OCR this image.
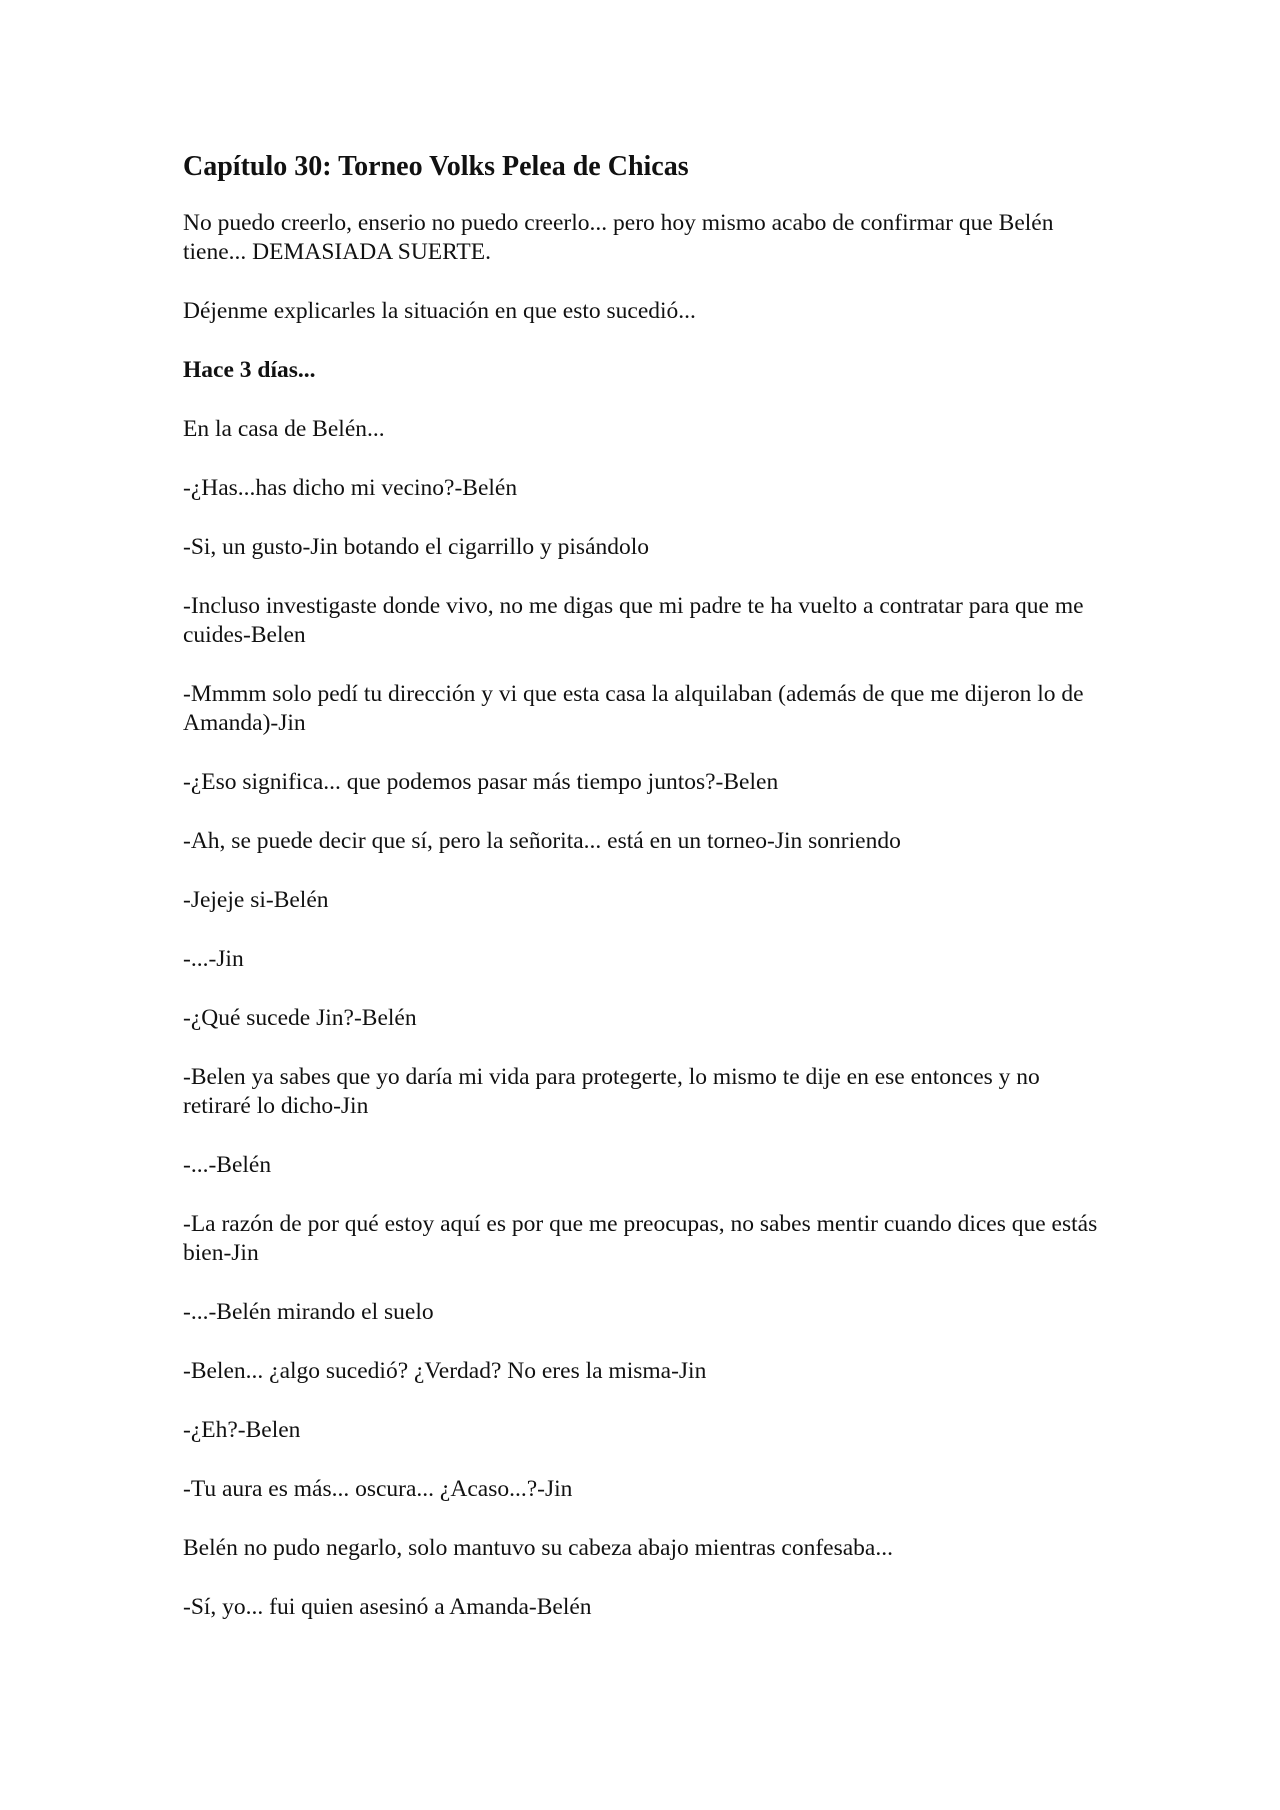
Capítulo 30: Torneo Volks Pelea de Chicas

No puedo creerlo, enserio no puedo creerlo... pero hoy mismo acabo de confirmar que Belén tiene... DEMASIADA SUERTE.

Déjenme explicarles la situación en que esto sucedió...

Hace 3 días...

En la casa de Belén...

-¿Has...has dicho mi vecino?-Belén

-Si, un gusto-Jin botando el cigarrillo y pisándolo

-Incluso investigaste donde vivo, no me digas que mi padre te ha vuelto a contratar para que me cuides-Belen

-Mmmm solo pedí tu dirección y vi que esta casa la alquilaban (además de que me dijeron lo de Amanda)-Jin

-¿Eso significa... que podemos pasar más tiempo juntos?-Belen

-Ah, se puede decir que sí, pero la señorita... está en un torneo-Jin sonriendo

-Jejeje si-Belén

-...-Jin

-¿Qué sucede Jin?-Belén

-Belen ya sabes que yo daría mi vida para protegerte, lo mismo te dije en ese entonces y no retiraré lo dicho-Jin

-...-Belén

-La razón de por qué estoy aquí es por que me preocupas, no sabes mentir cuando dices que estás bien-Jin

-...-Belén mirando el suelo

-Belen... ¿algo sucedió? ¿Verdad? No eres la misma-Jin

-¿Eh?-Belen

-Tu aura es más... oscura... ¿Acaso...?-Jin

Belén no pudo negarlo, solo mantuvo su cabeza abajo mientras confesaba...

-Sí, yo... fui quien asesinó a Amanda-Belén
